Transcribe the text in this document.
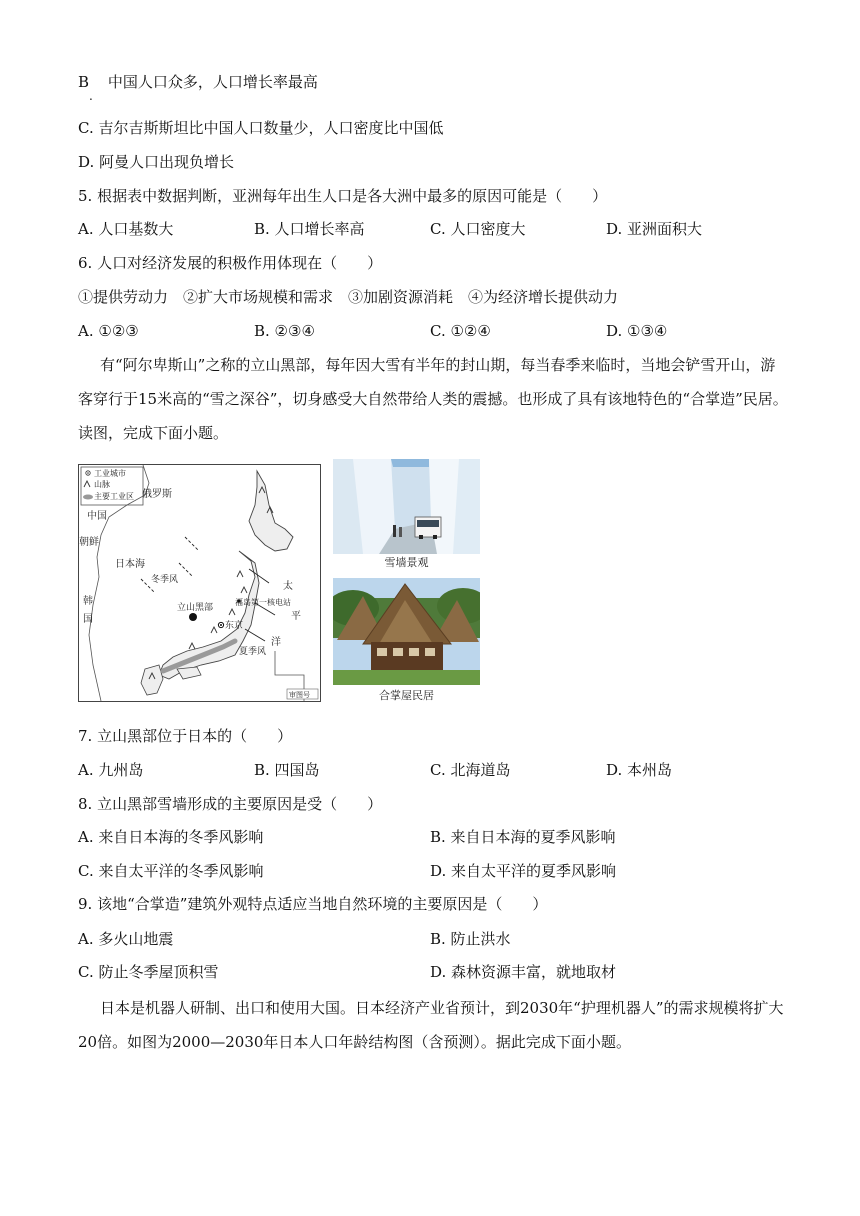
B
.
中国人口众多，人口增长率最高
C. 吉尔吉斯斯坦比中国人口数量少，人口密度比中国低
D. 阿曼人口出现负增长
5. 根据表中数据判断，亚洲每年出生人口是各大洲中最多的原因可能是（　　）
A. 人口基数大	B. 人口增长率高	C. 人口密度大	D. 亚洲面积大
6. 人口对经济发展的积极作用体现在（　　）
①提供劳动力　②扩大市场规模和需求　③加剧资源消耗　④为经济增长提供动力
A. ①②③	B. ②③④	C. ①②④	D. ①③④
有“阿尔卑斯山”之称的立山黑部，每年因大雪有半年的封山期，每当春季来临时，当地会铲雪开山，游客穿行于15米高的“雪之深谷”，切身感受大自然带给人类的震撼。也形成了具有该地特色的“合掌造”民居。读图，完成下面小题。
工业城市
山脉
主要工业区 俄罗斯
中国
朝鲜
日本海
冬季风
韩国
立山黑部
东京
福岛第一核电站
夏季风
太
平
洋
审图号
雪墙景观
合掌屋民居
7. 立山黑部位于日本的（　　）
A. 九州岛	B. 四国岛	C. 北海道岛	D. 本州岛
8. 立山黑部雪墙形成的主要原因是受（　　）
A. 来自日本海的冬季风影响	B. 来自日本海的夏季风影响
C. 来自太平洋的冬季风影响	D. 来自太平洋的夏季风影响
9. 该地“合掌造”建筑外观特点适应当地自然环境的主要原因是（　　）
A. 多火山地震	B. 防止洪水
C. 防止冬季屋顶积雪	D. 森林资源丰富，就地取材
日本是机器人研制、出口和使用大国。日本经济产业省预计，到2030年“护理机器人”的需求规模将扩大20倍。如图为2000—2030年日本人口年龄结构图（含预测）。据此完成下面小题。
